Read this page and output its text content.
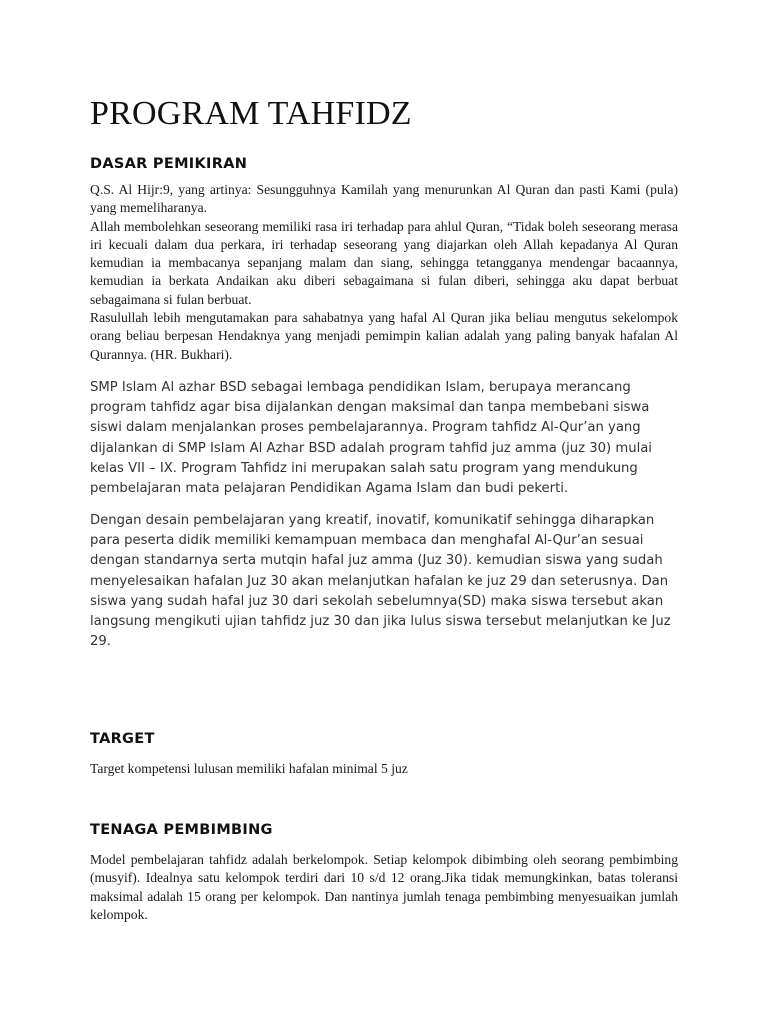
PROGRAM TAHFIDZ
DASAR PEMIKIRAN

Q.S. Al Hijr:9, yang artinya: Sesungguhnya Kamilah yang menurunkan Al Quran dan pasti Kami (pula) yang memeliharanya.

Allah membolehkan seseorang memiliki rasa iri terhadap para ahlul Quran, “Tidak boleh seseorang merasa iri kecuali dalam dua perkara, iri terhadap seseorang yang diajarkan oleh Allah kepadanya Al Quran kemudian ia membacanya sepanjang malam dan siang, sehingga tetangganya mendengar bacaannya, kemudian ia berkata Andaikan aku diberi sebagaimana si fulan diberi, sehingga aku dapat berbuat sebagaimana si fulan berbuat.

Rasulullah lebih mengutamakan para sahabatnya yang hafal Al Quran jika beliau mengutus sekelompok orang beliau berpesan Hendaknya yang menjadi pemimpin kalian adalah yang paling banyak hafalan Al Qurannya. (HR. Bukhari).

SMP Islam Al azhar BSD sebagai lembaga pendidikan Islam, berupaya merancang program tahfidz agar bisa dijalankan dengan maksimal dan tanpa membebani siswa siswi dalam menjalankan proses pembelajarannya. Program tahfidz Al-Qur’an yang dijalankan di SMP Islam Al Azhar BSD adalah program tahfid juz amma (juz 30) mulai kelas VII – IX. Program Tahfidz ini merupakan salah satu program yang mendukung pembelajaran mata pelajaran Pendidikan Agama Islam dan budi pekerti.

Dengan desain pembelajaran yang kreatif, inovatif, komunikatif sehingga diharapkan para peserta didik memiliki kemampuan membaca dan menghafal Al-Qur’an sesuai dengan standarnya serta mutqin hafal juz amma (Juz 30). kemudian siswa yang sudah menyelesaikan hafalan Juz 30 akan melanjutkan hafalan ke juz 29 dan seterusnya. Dan siswa yang sudah hafal juz 30 dari sekolah sebelumnya(SD) maka siswa tersebut akan langsung mengikuti ujian tahfidz juz 30 dan jika lulus siswa tersebut melanjutkan ke Juz 29.

TARGET

Target kompetensi lulusan memiliki hafalan minimal 5 juz

TENAGA PEMBIMBING

Model pembelajaran tahfidz adalah berkelompok. Setiap kelompok dibimbing oleh seorang pembimbing (musyif). Idealnya satu kelompok terdiri dari 10 s/d 12 orang.Jika tidak memungkinkan, batas toleransi maksimal adalah 15 orang per kelompok. Dan nantinya jumlah tenaga pembimbing menyesuaikan jumlah kelompok.
